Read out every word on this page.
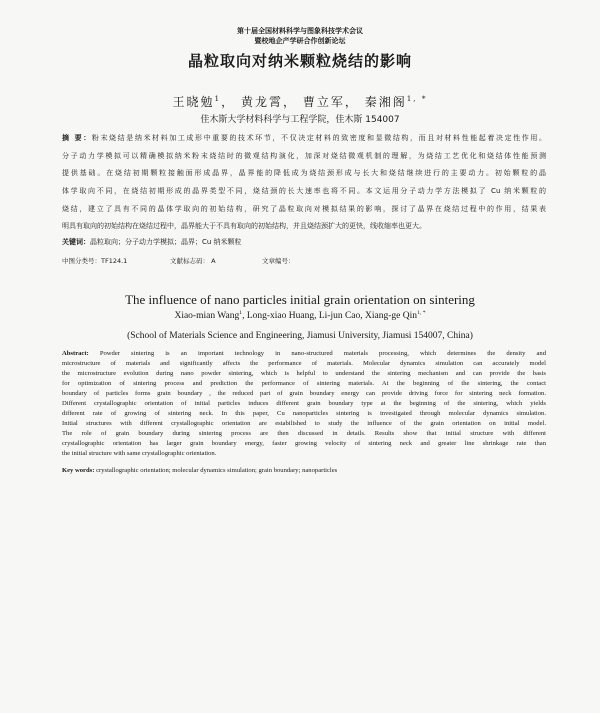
第十届全国材料科学与图象科技学术会议
暨校地企产学研合作创新论坛
晶粒取向对纳米颗粒烧结的影响
王晓勉$^1$， 黄龙霄， 曹立军， 秦湘阁$^{1, *}$
佳木斯大学材料科学与工程学院，佳木斯 154007
摘 要：粉末烧结是纳米材料加工成形中重要的技术环节，不仅决定材料的致密度和显微结构，而且对材料性能起着决定性作用。
分子动力学模拟可以精确模拟纳米粉末烧结时的微观结构演化，加深对烧结微观机制的理解，为烧结工艺优化和烧结体性能预测
提供基础。在烧结初期颗粒接触面形成晶界，晶界能的降低成为烧结颈形成与长大和烧结继续进行的主要动力。初始颗粒的晶
体学取向不同，在烧结初期形成的晶界类型不同，烧结颈的长大速率也将不同。本文运用分子动力学方法模拟了 Cu 纳米颗粒的
烧结，建立了具有不同的晶体学取向的初始结构，研究了晶粒取向对模拟结果的影响，探讨了晶界在烧结过程中的作用，结果表
明具有取向的初始结构在烧结过程中，晶界能大于不具有取向的初始结构，并且烧结颈扩大的更快，线收缩率也更大。
关键词：晶粒取向；分子动力学模拟；晶界；Cu 纳米颗粒
中图分类号：TF124.1	文献标志码： A	文章编号：
The influence of nano particles initial grain orientation on sintering
Xiao-mian Wang$^1$, Long-xiao Huang, Li-jun Cao, Xiang-ge Qin$^{1, *}$
(School of Materials Science and Engineering, Jiamusi University, Jiamusi 154007, China)
Abstract: Powder sintering is an important technology in nano-structured materials processing, which determines the density and
microstructure of materials and significantly affects the performance of materials. Molecular dynamics simulation can accurately model
the microstructure evolution during nano powder sintering, which is helpful to understand the sintering mechanism and can provide the basis
for optimization of sintering process and prediction the performance of sintering materials. At the beginning of the sintering, the contact
boundary of particles forms grain boundary , the reduced part of grain boundary energy can provide driving force for sintering neck formation.
Different crystallographic orientation of initial particles induces different grain boundary type at the beginning of the sintering, which yields
different rate of growing of sintering neck. In this paper, Cu nanoparticles sintering is investigated through molecular dynamics simulation.
Initial structures with different crystallographic orientation are estabilished to study the influence of the grain orientation on initial model.
The role of grain boundary during sintering process are then discussed in details. Results show that initial structure with different
crystallographic orientation has larger grain boundary energy, faster growing velocity of sintering neck and greater line shrinkage rate than
the initial structure with same crystallographic orientation.
Key words: crystallographic orientation; molecular dynamics simulation; grain boundary; nanoparticles
